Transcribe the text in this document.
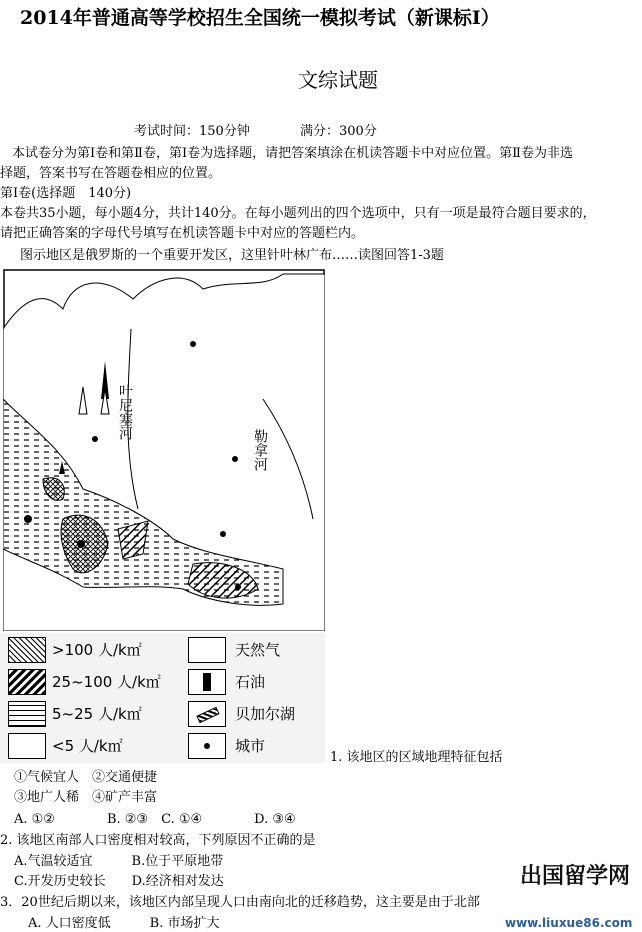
2014年普通高等学校招生全国统一模拟考试（新课标Ⅰ）
文综试题
考试时间：150分钟	满分：300分
本试卷分为第Ⅰ卷和第Ⅱ卷，第Ⅰ卷为选择题，请把答案填涂在机读答题卡中对应位置。第Ⅱ卷为非选
择题，答案书写在答题卷相应的位置。
第Ⅰ卷(选择题　140分)
本卷共35小题，每小题4分，共计140分。在每小题列出的四个选项中，只有一项是最符合题目要求的，
请把正确答案的字母代号填写在机读答题卡中对应的答题栏内。
图示地区是俄罗斯的一个重要开发区，这里针叶林广布……读图回答1-3题
叶尼塞河
勒拿河
>100 人/k㎡
25~100 人/k㎡
5~25 人/k㎡
<5 人/k㎡
天然气
石油
贝加尔湖
城市
1. 该地区的区域地理特征包括
①气候宜人　②交通便捷
③地广人稀　④矿产丰富
A. ①②　　　　B. ②③　C. ①④　　　　D. ③④
2. 该地区南部人口密度相对较高，下列原因不正确的是
A.气温较适宜　　　B.位于平原地带
C.开发历史较长　　D.经济相对发达
3．20世纪后期以来，该地区内部呈现人口由南向北的迁移趋势，这主要是由于北部
A. 人口密度低　　　B. 市场扩大
出国留学网
www.liuxue86.com
